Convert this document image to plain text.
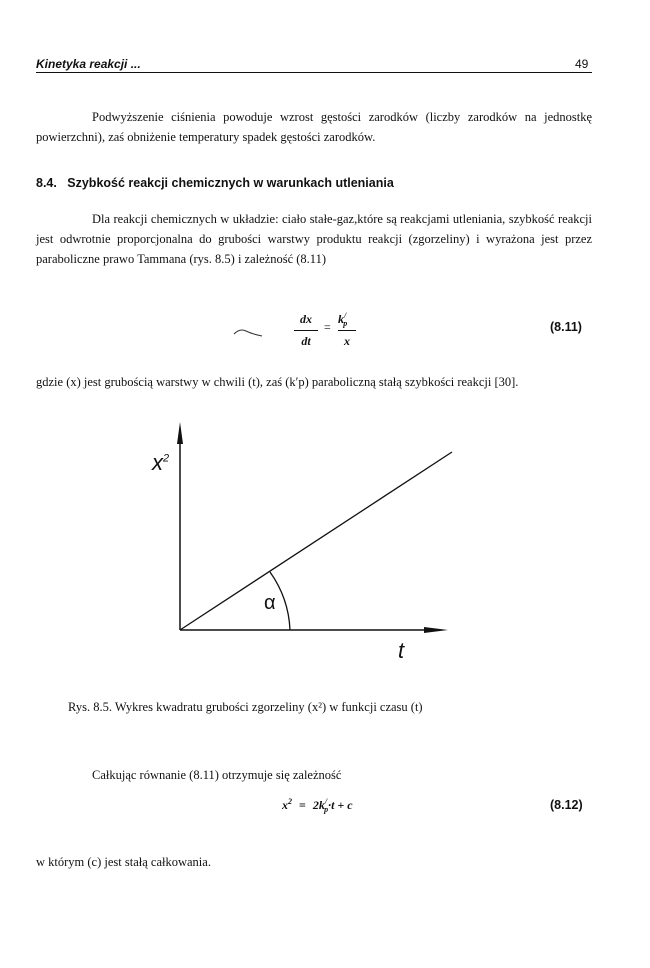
Kinetyka reakcji ...	49
Podwyższenie ciśnienia powoduje wzrost gęstości zarodków (liczby zarodków na jednostkę powierzchni), zaś obniżenie temperatury spadek gęstości zarodków.
8.4.   Szybkość reakcji chemicznych w warunkach utleniania
Dla reakcji chemicznych w układzie: ciało stałe-gaz,które są reakcjami utleniania, szybkość reakcji jest odwrotnie proporcjonalna do grubości warstwy produktu reakcji (zgorzeliny) i wyrażona jest przez paraboliczne prawo Tammana (rys. 8.5) i zależność (8.11)
dx
dt
=
$k^/_p$
x
(8.11)
gdzie (x) jest grubością warstwy w chwili (t), zaś (k′p) paraboliczną stałą szybkości reakcji [30].
$x^2$
t
α
Rys. 8.5. Wykres kwadratu grubości zgorzeliny (x²) w funkcji czasu (t)
Całkując równanie (8.11) otrzymuje się zależność
$x^2 = 2k^/_p\cdot t + c$	(8.12)
w którym (c) jest stałą całkowania.
